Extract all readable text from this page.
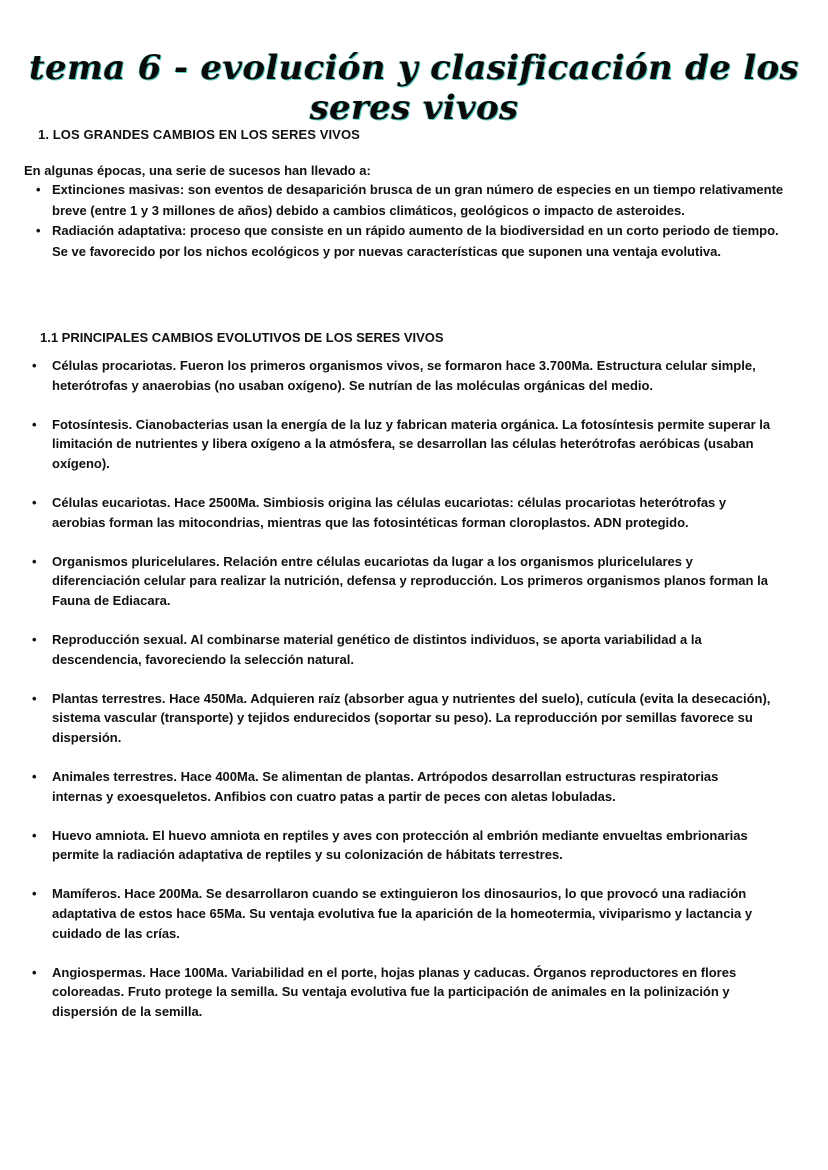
tema 6 - evolución y clasificación de los seres vivos
1. LOS GRANDES CAMBIOS EN LOS SERES VIVOS
En algunas épocas, una serie de sucesos han llevado a:
• Extinciones masivas: son eventos de desaparición brusca de un gran número de especies en un tiempo relativamente breve (entre 1 y 3 millones de años) debido a cambios climáticos, geológicos o impacto de asteroides.
• Radiación adaptativa: proceso que consiste en un rápido aumento de la biodiversidad en un corto periodo de tiempo. Se ve favorecido por los nichos ecológicos y por nuevas características que suponen una ventaja evolutiva.
1.1 PRINCIPALES CAMBIOS EVOLUTIVOS DE LOS SERES VIVOS
• Células procariotas. Fueron los primeros organismos vivos, se formaron hace 3.700Ma. Estructura celular simple, heterótrofas y anaerobias (no usaban oxígeno). Se nutrían de las moléculas orgánicas del medio.
• Fotosíntesis. Cianobacterias usan la energía de la luz y fabrican materia orgánica. La fotosíntesis permite superar la limitación de nutrientes y libera oxígeno a la atmósfera, se desarrollan las células heterótrofas aeróbicas (usaban oxígeno).
• Células eucariotas. Hace 2500Ma. Simbiosis origina las células eucariotas: células procariotas heterótrofas y aerobias forman las mitocondrias, mientras que las fotosintéticas forman cloroplastos. ADN protegido.
• Organismos pluricelulares. Relación entre células eucariotas da lugar a los organismos pluricelulares y diferenciación celular para realizar la nutrición, defensa y reproducción. Los primeros organismos planos forman la Fauna de Ediacara.
• Reproducción sexual. Al combinarse material genético de distintos individuos, se aporta variabilidad a la descendencia, favoreciendo la selección natural.
• Plantas terrestres. Hace 450Ma. Adquieren raíz (absorber agua y nutrientes del suelo), cutícula (evita la desecación), sistema vascular (transporte) y tejidos endurecidos (soportar su peso). La reproducción por semillas favorece su dispersión.
• Animales terrestres. Hace 400Ma. Se alimentan de plantas. Artrópodos desarrollan estructuras respiratorias internas y exoesqueletos. Anfibios con cuatro patas a partir de peces con aletas lobuladas.
• Huevo amniota. El huevo amniota en reptiles y aves con protección al embrión mediante envueltas embrionarias permite la radiación adaptativa de reptiles y su colonización de hábitats terrestres.
• Mamíferos. Hace 200Ma. Se desarrollaron cuando se extinguieron los dinosaurios, lo que provocó una radiación adaptativa de estos hace 65Ma. Su ventaja evolutiva fue la aparición de la homeotermia, viviparismo y lactancia y cuidado de las crías.
• Angiospermas. Hace 100Ma. Variabilidad en el porte, hojas planas y caducas. Órganos reproductores en flores coloreadas. Fruto protege la semilla. Su ventaja evolutiva fue la participación de animales en la polinización y dispersión de la semilla.
